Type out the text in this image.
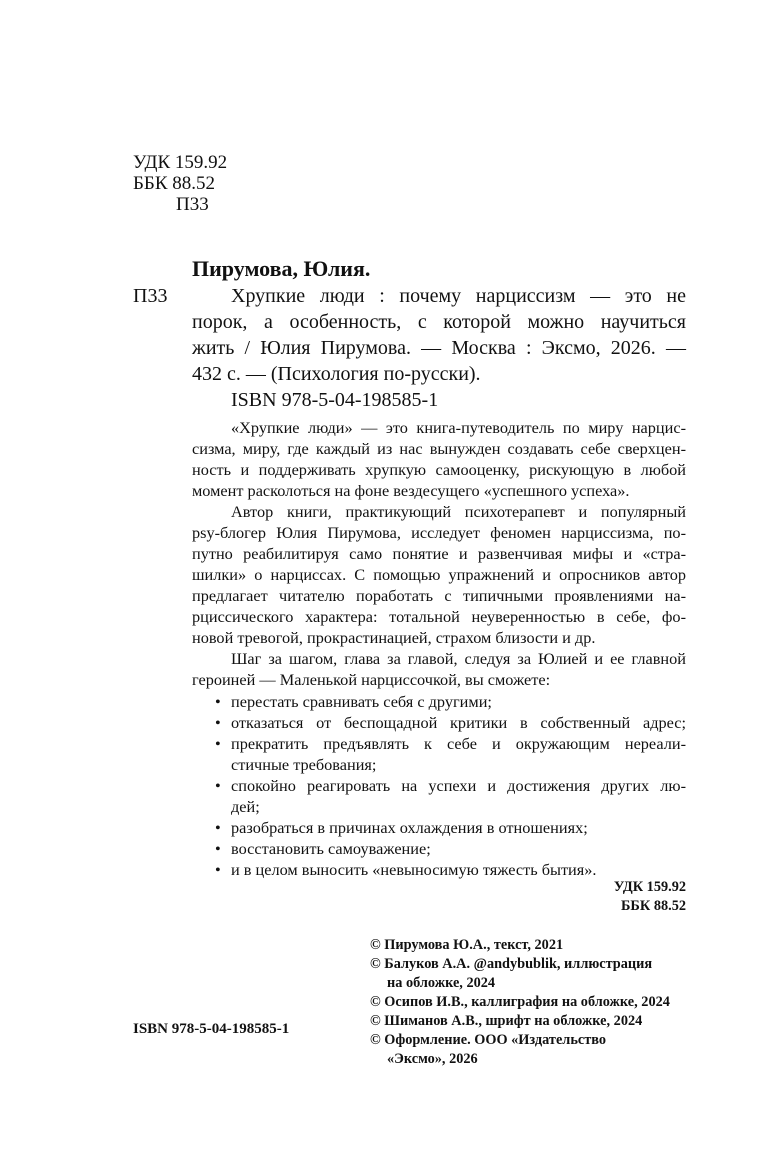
УДК 159.92
ББК 88.52
П33
Пирумова, Юлия.
П33	Хрупкие люди : почему нарциссизм — это не
порок, а особенность, с которой можно научиться
жить / Юлия Пирумова. — Москва : Эксмо, 2026. —
432 с. — (Психология по-русски).
ISBN 978-5-04-198585-1
«Хрупкие люди» — это книга-путеводитель по миру нарцис-
сизма, миру, где каждый из нас вынужден создавать себе сверхцен-
ность и поддерживать хрупкую самооценку, рискующую в любой
момент расколоться на фоне вездесущего «успешного успеха».
Автор книги, практикующий психотерапевт и популярный
psy-блогер Юлия Пирумова, исследует феномен нарциссизма, по-
путно реабилитируя само понятие и развенчивая мифы и «стра-
шилки» о нарциссах. С помощью упражнений и опросников автор
предлагает читателю поработать с типичными проявлениями на-
рциссического характера: тотальной неуверенностью в себе, фо-
новой тревогой, прокрастинацией, страхом близости и др.
Шаг за шагом, глава за главой, следуя за Юлией и ее главной
героиней — Маленькой нарциссочкой, вы сможете:
• перестать сравнивать себя с другими;
• отказаться от беспощадной критики в собственный адрес;
• прекратить предъявлять к себе и окружающим нереали-
стичные требования;
• спокойно реагировать на успехи и достижения других лю-
дей;
• разобраться в причинах охлаждения в отношениях;
• восстановить самоуважение;
• и в целом выносить «невыносимую тяжесть бытия».
УДК 159.92
ББК 88.52
© Пирумова Ю.А., текст, 2021
© Балуков А.А. @andybublik, иллюстрация
на обложке, 2024
© Осипов И.В., каллиграфия на обложке, 2024
© Шиманов А.В., шрифт на обложке, 2024
© Оформление. ООО «Издательство
«Эксмо», 2026
ISBN 978-5-04-198585-1
